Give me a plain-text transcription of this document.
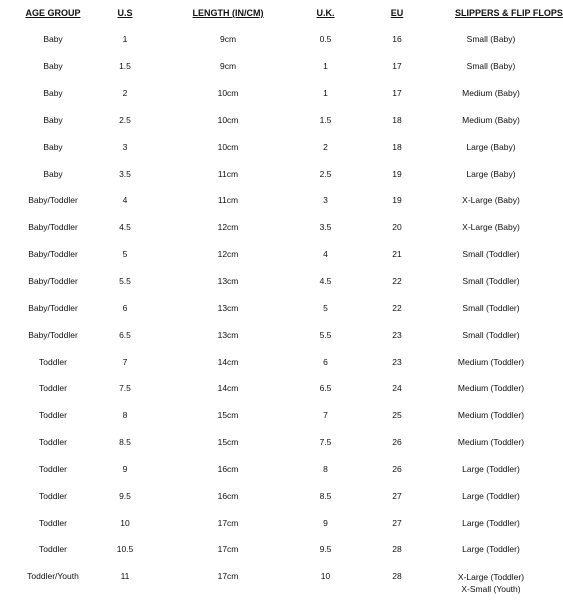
AGE GROUP	U.S	LENGTH (IN/CM)	U.K.	EU	SLIPPERS & FLIP FLOPS
Baby	1	9cm	0.5	16	Small (Baby)
Baby	1.5	9cm	1	17	Small (Baby)
Baby	2	10cm	1	17	Medium (Baby)
Baby	2.5	10cm	1.5	18	Medium (Baby)
Baby	3	10cm	2	18	Large (Baby)
Baby	3.5	11cm	2.5	19	Large (Baby)
Baby/Toddler	4	11cm	3	19	X-Large (Baby)
Baby/Toddler	4.5	12cm	3.5	20	X-Large (Baby)
Baby/Toddler	5	12cm	4	21	Small (Toddler)
Baby/Toddler	5.5	13cm	4.5	22	Small (Toddler)
Baby/Toddler	6	13cm	5	22	Small (Toddler)
Baby/Toddler	6.5	13cm	5.5	23	Small (Toddler)
Toddler	7	14cm	6	23	Medium (Toddler)
Toddler	7.5	14cm	6.5	24	Medium (Toddler)
Toddler	8	15cm	7	25	Medium (Toddler)
Toddler	8.5	15cm	7.5	26	Medium (Toddler)
Toddler	9	16cm	8	26	Large (Toddler)
Toddler	9.5	16cm	8.5	27	Large (Toddler)
Toddler	10	17cm	9	27	Large (Toddler)
Toddler	10.5	17cm	9.5	28	Large (Toddler)
Toddler/Youth	11	17cm	10	28	X-Large (Toddler)
X-Small (Youth)
